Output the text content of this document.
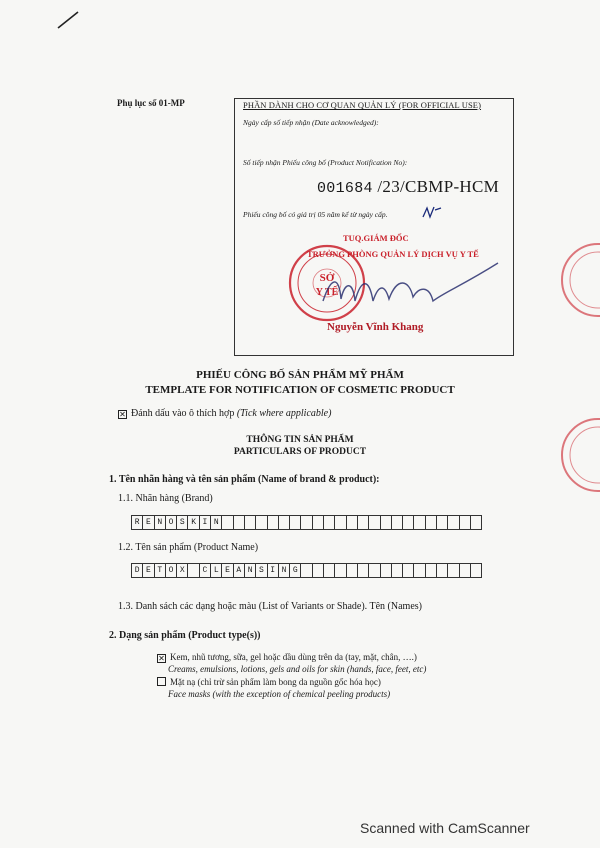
Phụ lục số 01-MP	PHẦN DÀNH CHO CƠ QUAN QUẢN LÝ (FOR OFFICIAL USE)
Ngày cấp số tiếp nhận (Date acknowledged):
Số tiếp nhận Phiếu công bố (Product Notification No):
001684 /23/CBMP-HCM
Phiếu công bố có giá trị 05 năm kể từ ngày cấp.
SỞ
Y TẾ
TUQ.GIÁM ĐỐC
TRƯỞNG PHÒNG QUẢN LÝ DỊCH VỤ Y TẾ
Nguyễn Vĩnh Khang
PHIẾU CÔNG BỐ SẢN PHẨM MỸ PHẨM
TEMPLATE FOR NOTIFICATION OF COSMETIC PRODUCT
✕ Đánh dấu vào ô thích hợp (Tick where applicable)
THÔNG TIN SẢN PHẨM
PARTICULARS OF PRODUCT
1. Tên nhãn hàng và tên sản phẩm (Name of brand & product):
1.1. Nhãn hàng (Brand)
R E N O S K I N
1.2. Tên sản phẩm (Product Name)
D E T O X	C L E A N S I N G
1.3. Danh sách các dạng hoặc màu (List of Variants or Shade). Tên (Names)
2. Dạng sản phẩm (Product type(s))
✕ Kem, nhũ tương, sữa, gel hoặc dầu dùng trên da (tay, mặt, chân, ….)
Creams, emulsions, lotions, gels and oils for skin (hands, face, feet, etc)
Mặt nạ (chỉ trừ sản phẩm làm bong da nguồn gốc hóa học)
Face masks (with the exception of chemical peeling products)
Scanned with CamScanner
